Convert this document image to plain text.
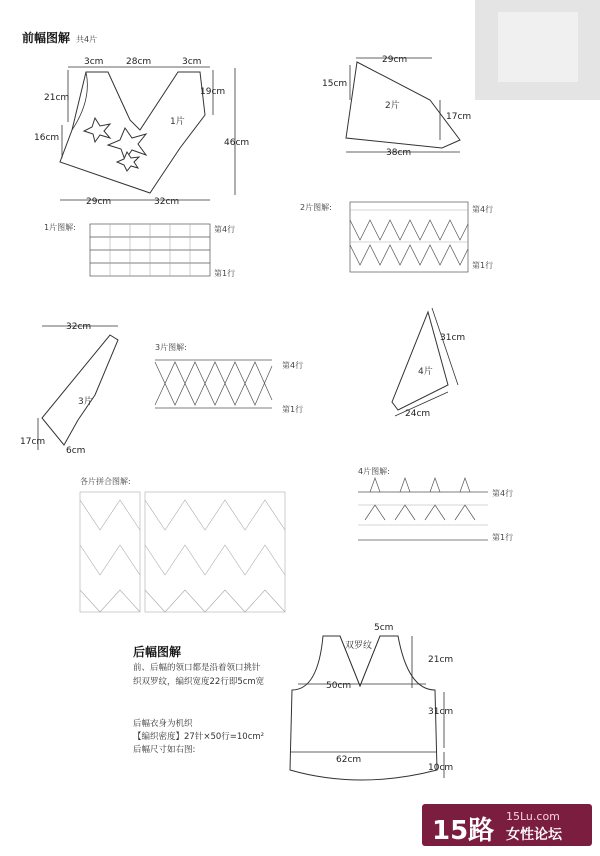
前幅图解 共4片
1片
3cm	28cm	3cm
21cm
19cm
46cm
16cm
29cm	32cm
2片
29cm
15cm
17cm
38cm
1片图解:	第4行
第1行
2片图解:	第4行
第1行
3片
32cm
17cm
6cm
3片图解:
第4行
第1行
4片
31cm
24cm
各片拼合图解:
4片图解:
第4行
第1行
后幅图解
前、后幅的领口都是沿着领口挑针
织双罗纹，编织宽度22行即5cm宽
后幅衣身为机织
【编织密度】27针×50行=10cm²
后幅尺寸如右图:
双罗纹
5cm
21cm
50cm
31cm
62cm
10cm
15路 15Lu.com
女性论坛
